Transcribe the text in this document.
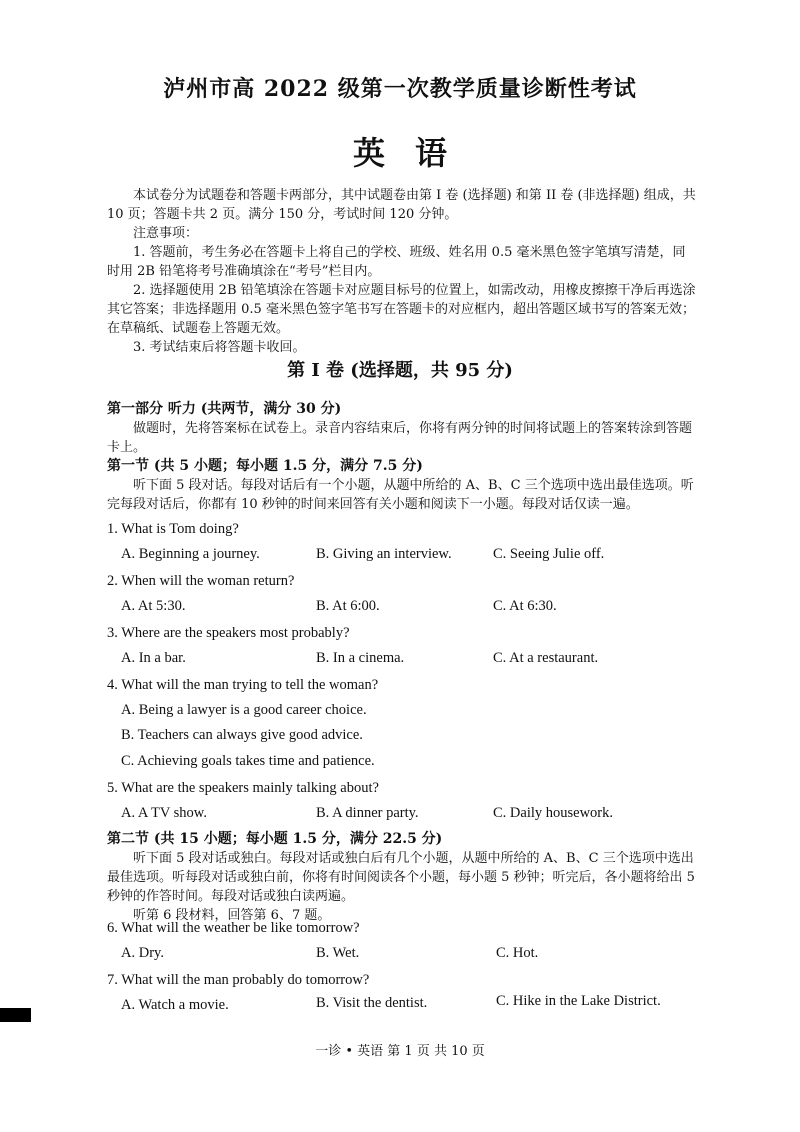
泸州市高 2022 级第一次教学质量诊断性考试
英语

本试卷分为试题卷和答题卡两部分，其中试题卷由第 I 卷 (选择题) 和第 II 卷 (非选择题) 组成，共 10 页；答题卡共 2 页。满分 150 分，考试时间 120 分钟。

注意事项：

1. 答题前，考生务必在答题卡上将自己的学校、班级、姓名用 0.5 毫米黑色签字笔填写清楚，同时用 2B 铅笔将考号准确填涂在“考号”栏目内。

2. 选择题使用 2B 铅笔填涂在答题卡对应题目标号的位置上，如需改动，用橡皮擦擦干净后再选涂其它答案；非选择题用 0.5 毫米黑色签字笔书写在答题卡的对应框内，超出答题区域书写的答案无效；在草稿纸、试题卷上答题无效。

3. 考试结束后将答题卡收回。

第 I 卷 (选择题，共 95 分)

第一部分 听力 (共两节，满分 30 分)

做题时，先将答案标在试卷上。录音内容结束后，你将有两分钟的时间将试题上的答案转涂到答题卡上。

第一节 (共 5 小题；每小题 1.5 分，满分 7.5 分)

听下面 5 段对话。每段对话后有一个小题，从题中所给的 A、B、C 三个选项中选出最佳选项。听完每段对话后，你都有 10 秒钟的时间来回答有关小题和阅读下一小题。每段对话仅读一遍。

1. What is Tom doing?
A. Beginning a journey.	B. Giving an interview.	C. Seeing Julie off.
2. When will the woman return?
A. At 5:30.	B. At 6:00.	C. At 6:30.
3. Where are the speakers most probably?
A. In a bar.	B. In a cinema.	C. At a restaurant.
4. What will the man trying to tell the woman?
A. Being a lawyer is a good career choice.
B. Teachers can always give good advice.
C. Achieving goals takes time and patience.
5. What are the speakers mainly talking about?
A. A TV show.	B. A dinner party.	C. Daily housework.

第二节 (共 15 小题；每小题 1.5 分，满分 22.5 分)

听下面 5 段对话或独白。每段对话或独白后有几个小题，从题中所给的 A、B、C 三个选项中选出最佳选项。听每段对话或独白前，你将有时间阅读各个小题，每小题 5 秒钟；听完后，各小题将给出 5 秒钟的作答时间。每段对话或独白读两遍。

听第 6 段材料，回答第 6、7 题。

6. What will the weather be like tomorrow?
A. Dry.	B. Wet.	C. Hot.
7. What will the man probably do tomorrow?
A. Watch a movie.	B. Visit the dentist.	C. Hike in the Lake District.
一诊 • 英语 第 1 页 共 10 页
